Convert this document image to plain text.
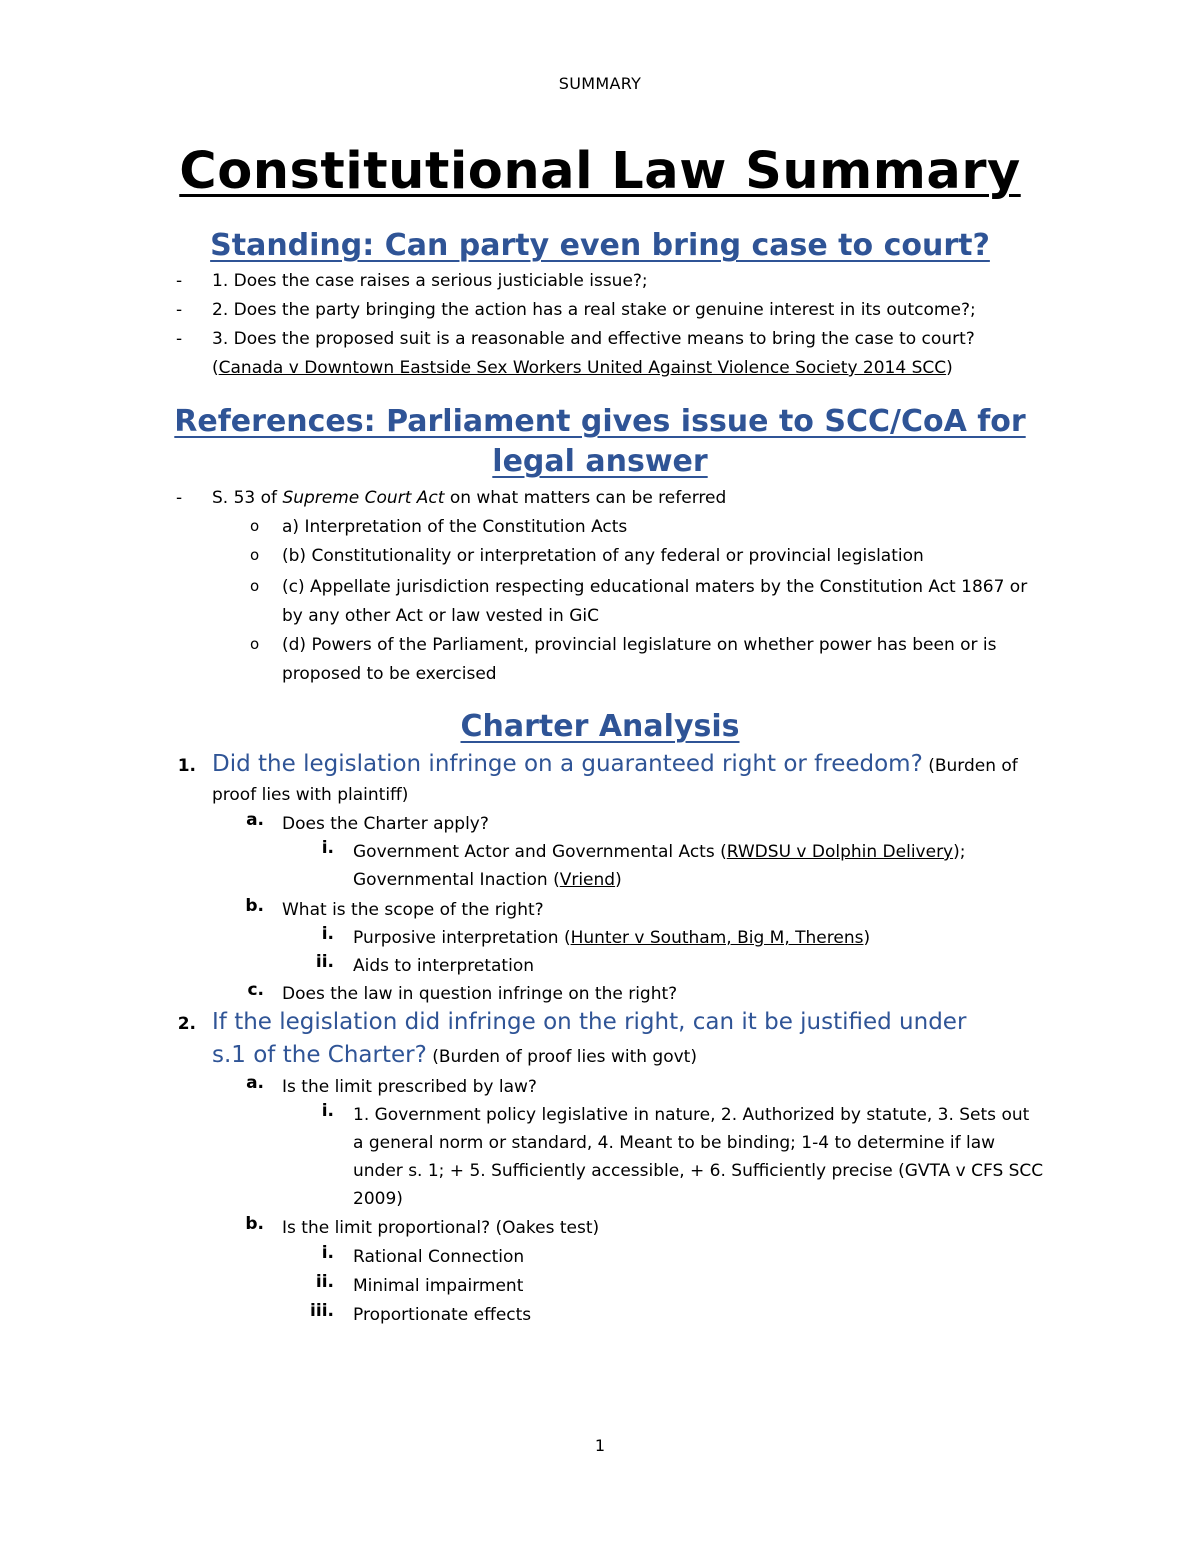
SUMMARY
Constitutional Law Summary
Standing: Can party even bring case to court?
- 1. Does the case raises a serious justiciable issue?;
- 2. Does the party bringing the action has a real stake or genuine interest in its outcome?;
- 3. Does the proposed suit is a reasonable and effective means to bring the case to court?
(Canada v Downtown Eastside Sex Workers United Against Violence Society 2014 SCC)
References: Parliament gives issue to SCC/CoA for
legal answer
- S. 53 of Supreme Court Act on what matters can be referred
o a) Interpretation of the Constitution Acts
o (b) Constitutionality or interpretation of any federal or provincial legislation
o (c) Appellate jurisdiction respecting educational maters by the Constitution Act 1867 or
by any other Act or law vested in GiC
o (d) Powers of the Parliament, provincial legislature on whether power has been or is
proposed to be exercised
Charter Analysis
1. Did the legislation infringe on a guaranteed right or freedom? (Burden of
proof lies with plaintiff)
a. Does the Charter apply?
i. Government Actor and Governmental Acts (RWDSU v Dolphin Delivery);
Governmental Inaction (Vriend)
b. What is the scope of the right?
i. Purposive interpretation (Hunter v Southam, Big M, Therens)
ii. Aids to interpretation
c. Does the law in question infringe on the right?
2. If the legislation did infringe on the right, can it be justified under
s.1 of the Charter? (Burden of proof lies with govt)
a. Is the limit prescribed by law?
i. 1. Government policy legislative in nature, 2. Authorized by statute, 3. Sets out
a general norm or standard, 4. Meant to be binding; 1-4 to determine if law
under s. 1; + 5. Sufficiently accessible, + 6. Sufficiently precise (GVTA v CFS SCC
2009)
b. Is the limit proportional? (Oakes test)
i. Rational Connection
ii. Minimal impairment
iii. Proportionate effects
1
